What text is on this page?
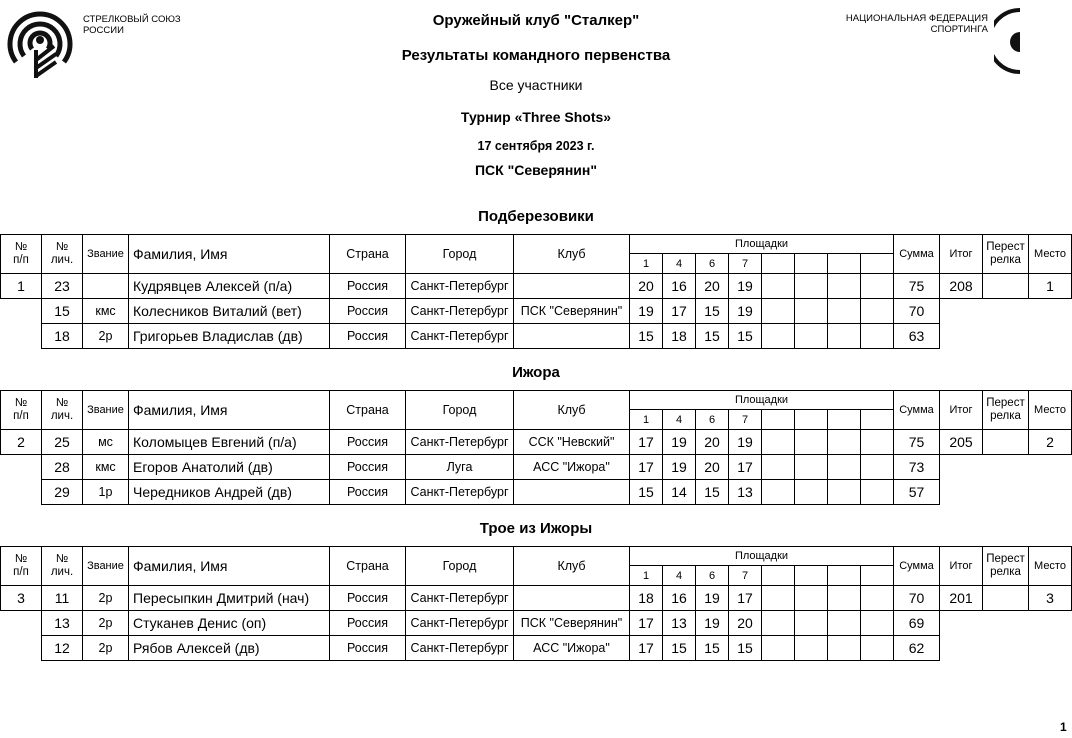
СТРЕЛКОВЫЙ СОЮЗ
РОССИИ
НАЦИОНАЛЬНАЯ ФЕДЕРАЦИЯ
СПОРТИНГА
Оружейный клуб "Сталкер"
Результаты командного первенства
Все участники
Турнир «Three Shots»
17 сентября 2023 г.
ПСК "Северянин"
Подберезовики
№
п/п
№
лич.	Звание Фамилия, Имя	Страна	Город	Клуб
Площадки
1	4	6	7
Сумма	Итог
Перест
релка	Место
1	23	Кудрявцев Алексей (п/а)	Россия	Санкт-Петербург	20	16	20	19	75	208	1
15	кмс	Колесников Виталий (вет)	Россия	Санкт-Петербург ПСК "Северянин"	19	17	15	19	70
18	2р	Григорьев Владислав (дв)	Россия	Санкт-Петербург	15	18	15	15	63
Ижора
№
п/п
№
лич.	Звание Фамилия, Имя	Страна	Город	Клуб
Площадки
1	4	6	7
Сумма	Итог
Перест
релка	Место
2	25	мс	Коломыцев Евгений (п/а)	Россия	Санкт-Петербург	ССК "Невский"	17	19	20	19	75	205	2
28	кмс	Егоров Анатолий (дв)	Россия	Луга	АСС "Ижора"	17	19	20	17	73
29	1р	Чередников Андрей (дв)	Россия	Санкт-Петербург	15	14	15	13	57
Трое из Ижоры
№
п/п
№
лич.	Звание Фамилия, Имя	Страна	Город	Клуб
Площадки
1	4	6	7
Сумма	Итог
Перест
релка	Место
3	11	2р	Пересыпкин Дмитрий (нач)	Россия	Санкт-Петербург	18	16	19	17	70	201	3
13	2р	Стуканев Денис (оп)	Россия	Санкт-Петербург ПСК "Северянин"	17	13	19	20	69
12	2р	Рябов Алексей (дв)	Россия	Санкт-Петербург	АСС "Ижора"	17	15	15	15	62
1
